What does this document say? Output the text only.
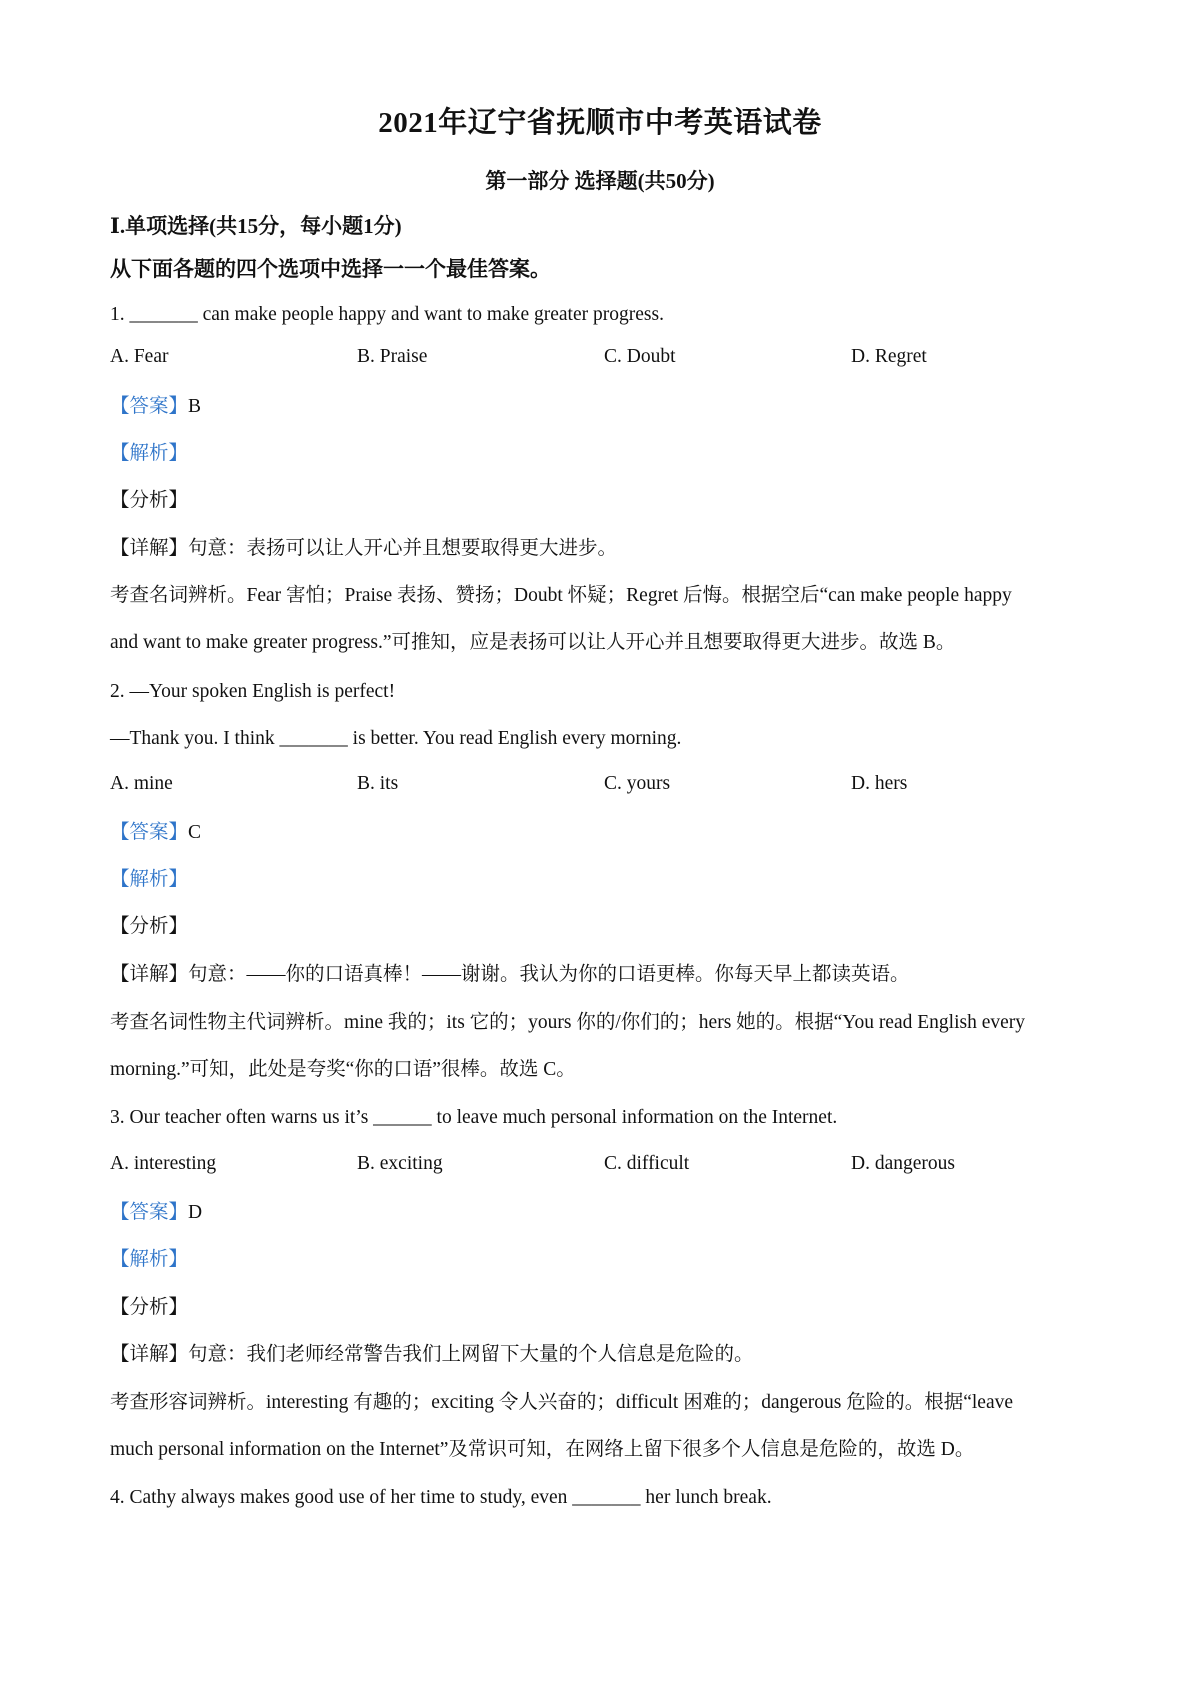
2021年辽宁省抚顺市中考英语试卷
第一部分 选择题(共50分)
Ⅰ.单项选择(共15分，每小题1分)
从下面各题的四个选项中选择一一个最佳答案。
1. _______ can make people happy and want to make greater progress.
A. Fear	B. Praise	C. Doubt	D. Regret
【答案】B
【解析】
【分析】
【详解】句意：表扬可以让人开心并且想要取得更大进步。
考查名词辨析。Fear 害怕；Praise 表扬、赞扬；Doubt 怀疑；Regret 后悔。根据空后“can make people happy
and want to make greater progress.”可推知，应是表扬可以让人开心并且想要取得更大进步。故选 B。
2. —Your spoken English is perfect!
—Thank you. I think _______ is better. You read English every morning.
A. mine	B. its	C. yours	D. hers
【答案】C
【解析】
【分析】
【详解】句意：——你的口语真棒！——谢谢。我认为你的口语更棒。你每天早上都读英语。
考查名词性物主代词辨析。mine 我的；its 它的；yours 你的/你们的；hers 她的。根据“You read English every
morning.”可知，此处是夸奖“你的口语”很棒。故选 C。
3. Our teacher often warns us it’s ______ to leave much personal information on the Internet.
A. interesting	B. exciting	C. difficult	D. dangerous
【答案】D
【解析】
【分析】
【详解】句意：我们老师经常警告我们上网留下大量的个人信息是危险的。
考查形容词辨析。interesting 有趣的；exciting 令人兴奋的；difficult 困难的；dangerous 危险的。根据“leave
much personal information on the Internet”及常识可知，在网络上留下很多个人信息是危险的，故选 D。
4. Cathy always makes good use of her time to study, even _______ her lunch break.
